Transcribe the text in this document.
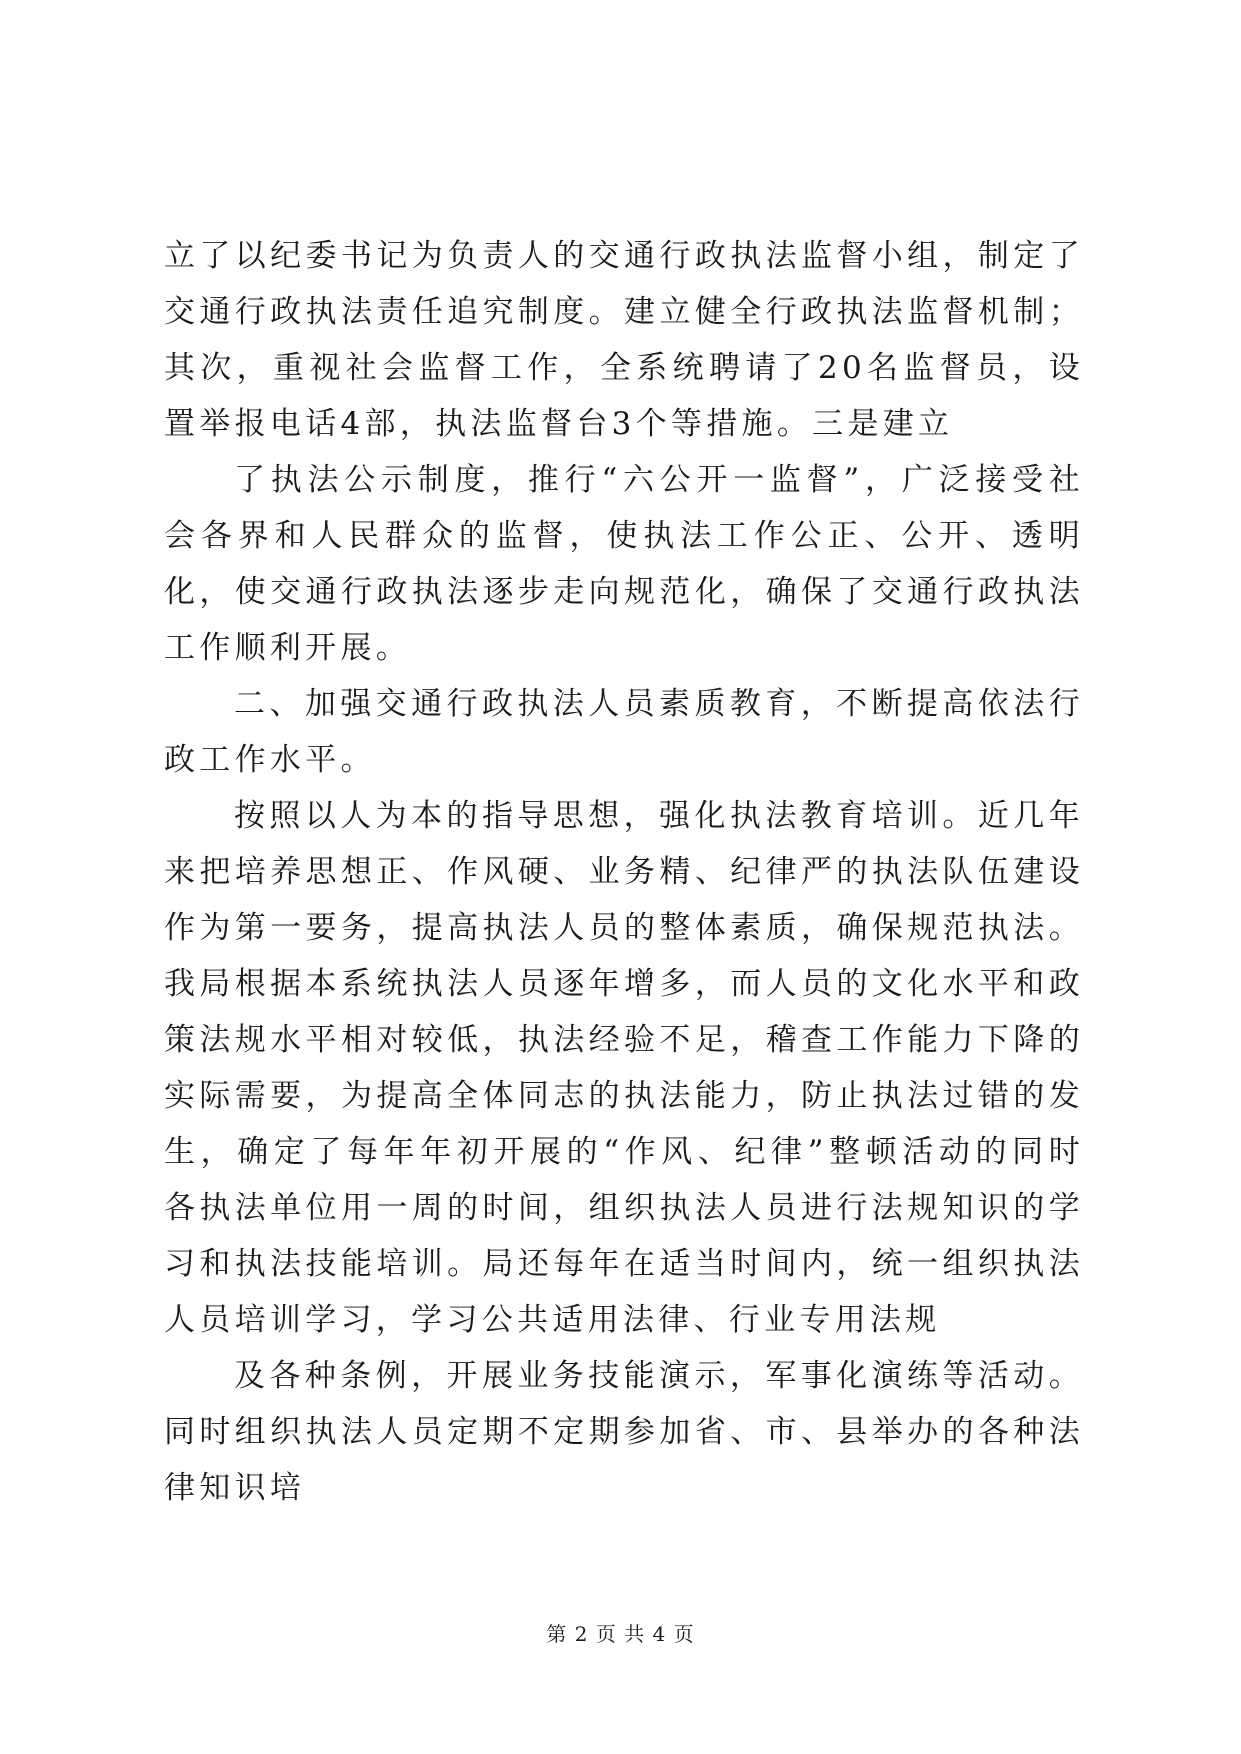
立了以纪委书记为负责人的交通行政执法监督小组，制定了交通行政执法责任追究制度。建立健全行政执法监督机制；其次，重视社会监督工作，全系统聘请了20名监督员，设置举报电话4部，执法监督台3个等措施。三是建立

了执法公示制度，推行“六公开一监督”，广泛接受社会各界和人民群众的监督，使执法工作公正、公开、透明化，使交通行政执法逐步走向规范化，确保了交通行政执法工作顺利开展。

二、加强交通行政执法人员素质教育，不断提高依法行政工作水平。

按照以人为本的指导思想，强化执法教育培训。近几年来把培养思想正、作风硬、业务精、纪律严的执法队伍建设作为第一要务，提高执法人员的整体素质，确保规范执法。我局根据本系统执法人员逐年增多，而人员的文化水平和政策法规水平相对较低，执法经验不足，稽查工作能力下降的实际需要，为提高全体同志的执法能力，防止执法过错的发生，确定了每年年初开展的“作风、纪律”整顿活动的同时各执法单位用一周的时间，组织执法人员进行法规知识的学习和执法技能培训。局还每年在适当时间内，统一组织执法人员培训学习，学习公共适用法律、行业专用法规

及各种条例，开展业务技能演示，军事化演练等活动。同时组织执法人员定期不定期参加省、市、县举办的各种法律知识培

第 2 页 共 4 页
